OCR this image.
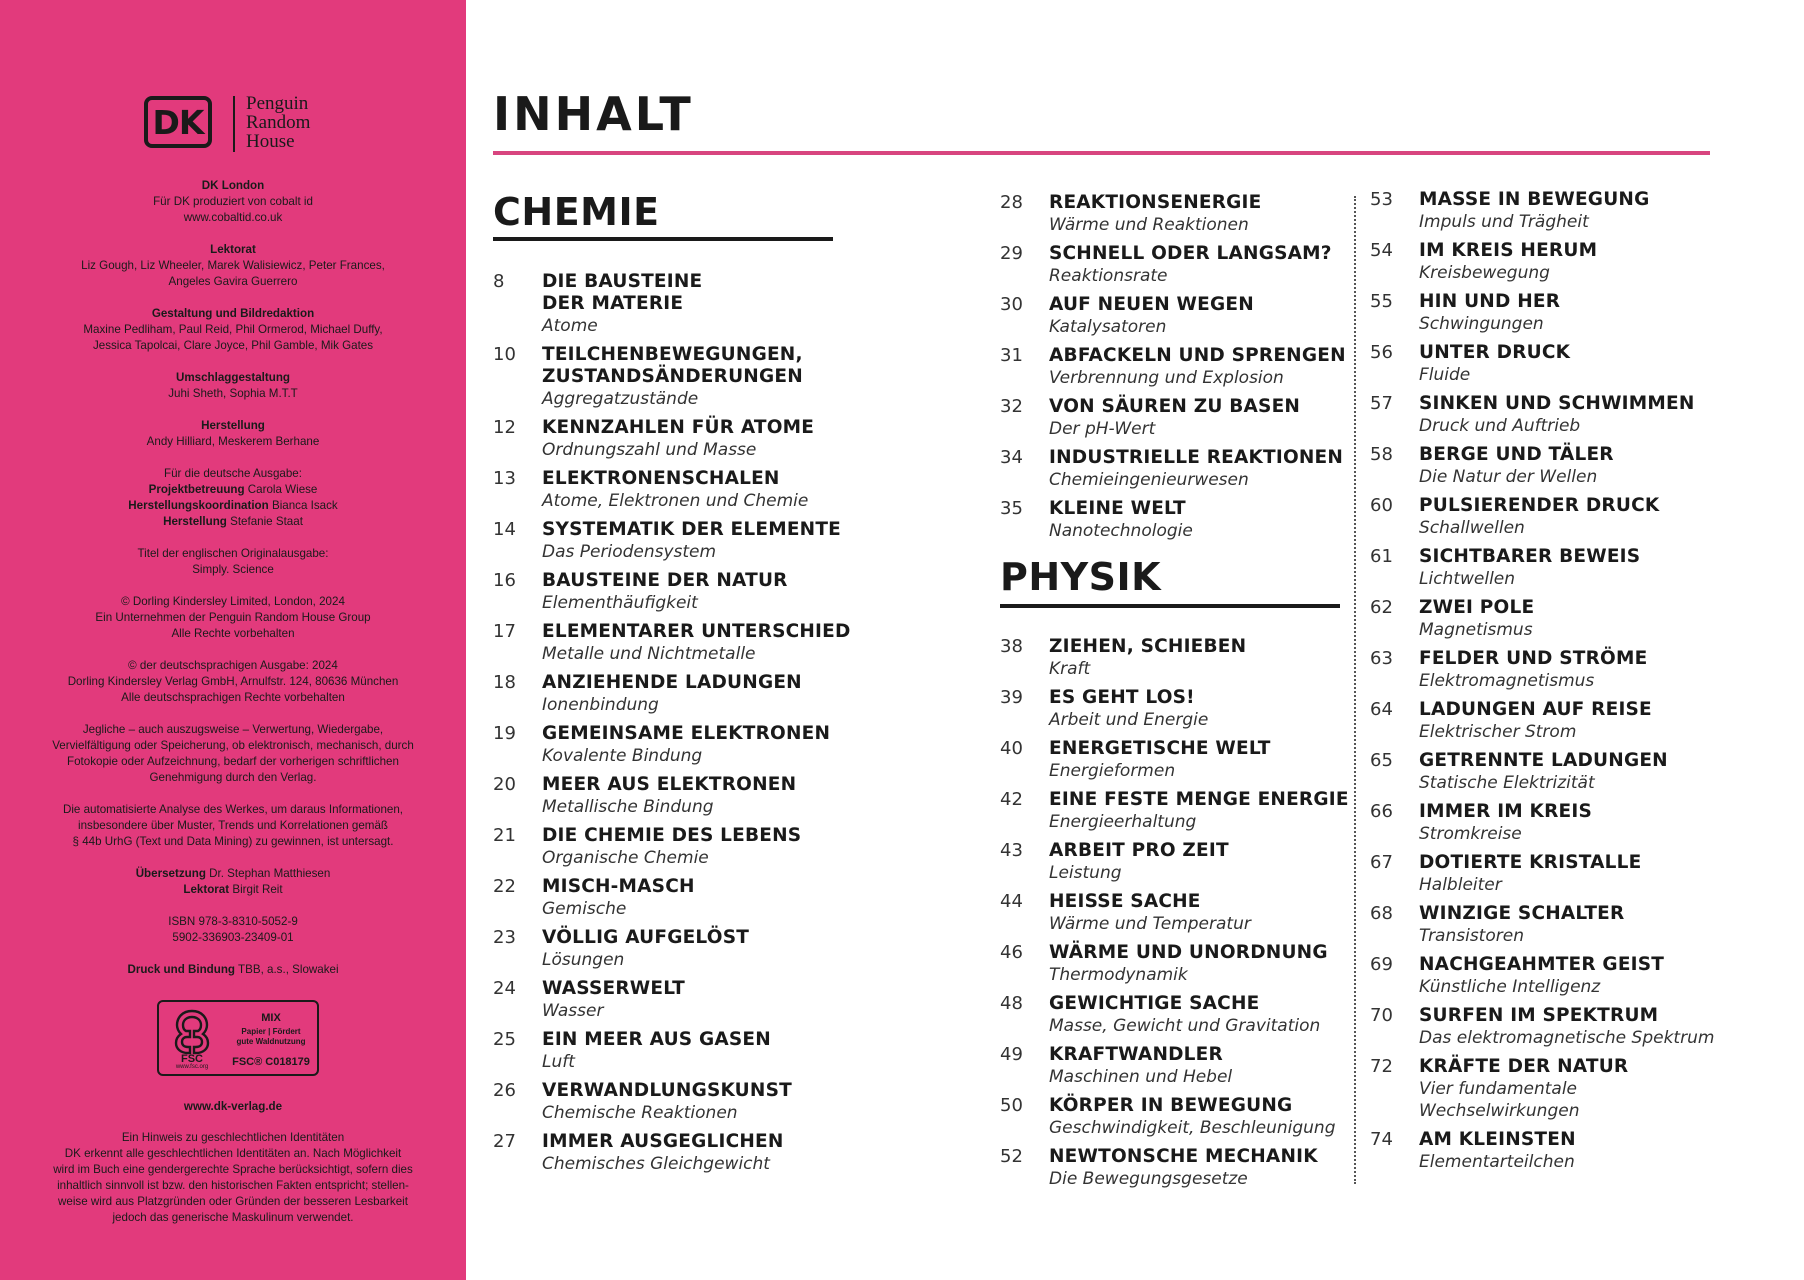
DK	Penguin
Random
House
DK London
Für DK produziert von cobalt id
www.cobaltid.co.uk
Lektorat
Liz Gough, Liz Wheeler, Marek Walisiewicz, Peter Frances,
Angeles Gavira Guerrero
Gestaltung und Bildredaktion
Maxine Pedliham, Paul Reid, Phil Ormerod, Michael Duffy,
Jessica Tapolcai, Clare Joyce, Phil Gamble, Mik Gates
Umschlaggestaltung
Juhi Sheth, Sophia M.T.T
Herstellung
Andy Hilliard, Meskerem Berhane
Für die deutsche Ausgabe:
Projektbetreuung Carola Wiese
Herstellungskoordination Bianca Isack
Herstellung Stefanie Staat
Titel der englischen Originalausgabe:
Simply. Science
© Dorling Kindersley Limited, London, 2024
Ein Unternehmen der Penguin Random House Group
Alle Rechte vorbehalten
© der deutschsprachigen Ausgabe: 2024
Dorling Kindersley Verlag GmbH, Arnulfstr. 124, 80636 München
Alle deutschsprachigen Rechte vorbehalten
Jegliche – auch auszugsweise – Verwertung, Wiedergabe,
Vervielfältigung oder Speicherung, ob elektronisch, mechanisch, durch
Fotokopie oder Aufzeichnung, bedarf der vorherigen schriftlichen
Genehmigung durch den Verlag.
Die automatisierte Analyse des Werkes, um daraus Informationen,
insbesondere über Muster, Trends und Korrelationen gemäß
§ 44b UrhG (Text und Data Mining) zu gewinnen, ist untersagt.
Übersetzung Dr. Stephan Matthiesen
Lektorat Birgit Reit
ISBN 978-3-8310-5052-9
5902-336903-23409-01
Druck und Bindung TBB, a.s., Slowakei
FSC
www.fsc.org
MIX
Papier | Fördert
gute Waldnutzung
FSC® C018179
www.dk-verlag.de
Ein Hinweis zu geschlechtlichen Identitäten
DK erkennt alle geschlechtlichen Identitäten an. Nach Möglichkeit
wird im Buch eine gendergerechte Sprache berücksichtigt, sofern dies
inhaltlich sinnvoll ist bzw. den historischen Fakten entspricht; stellen-
weise wird aus Platzgründen oder Gründen der besseren Lesbarkeit
jedoch das generische Maskulinum verwendet.
INHALT
CHEMIE
8 DIE BAUSTEINE
DER MATERIE
Atome
10 TEILCHENBEWEGUNGEN,
ZUSTANDSÄNDERUNGEN
Aggregatzustände
12 KENNZAHLEN FÜR ATOME
Ordnungszahl und Masse
13 ELEKTRONENSCHALEN
Atome, Elektronen und Chemie
14 SYSTEMATIK DER ELEMENTE
Das Periodensystem
16 BAUSTEINE DER NATUR
Elementhäufigkeit
17 ELEMENTARER UNTERSCHIED
Metalle und Nichtmetalle
18 ANZIEHENDE LADUNGEN
Ionenbindung
19 GEMEINSAME ELEKTRONEN
Kovalente Bindung
20 MEER AUS ELEKTRONEN
Metallische Bindung
21 DIE CHEMIE DES LEBENS
Organische Chemie
22 MISCH-MASCH
Gemische
23 VÖLLIG AUFGELÖST
Lösungen
24 WASSERWELT
Wasser
25 EIN MEER AUS GASEN
Luft
26 VERWANDLUNGSKUNST
Chemische Reaktionen
27 IMMER AUSGEGLICHEN
Chemisches Gleichgewicht
28 REAKTIONSENERGIE
Wärme und Reaktionen
29 SCHNELL ODER LANGSAM?
Reaktionsrate
30 AUF NEUEN WEGEN
Katalysatoren
31 ABFACKELN UND SPRENGEN
Verbrennung und Explosion
32 VON SÄUREN ZU BASEN
Der pH-Wert
34 INDUSTRIELLE REAKTIONEN
Chemieingenieurwesen
35 KLEINE WELT
Nanotechnologie
PHYSIK
38 ZIEHEN, SCHIEBEN
Kraft
39 ES GEHT LOS!
Arbeit und Energie
40 ENERGETISCHE WELT
Energieformen
42 EINE FESTE MENGE ENERGIE
Energieerhaltung
43 ARBEIT PRO ZEIT
Leistung
44 HEISSE SACHE
Wärme und Temperatur
46 WÄRME UND UNORDNUNG
Thermodynamik
48 GEWICHTIGE SACHE
Masse, Gewicht und Gravitation
49 KRAFTWANDLER
Maschinen und Hebel
50 KÖRPER IN BEWEGUNG
Geschwindigkeit, Beschleunigung
52 NEWTONSCHE MECHANIK
Die Bewegungsgesetze
53 MASSE IN BEWEGUNG
Impuls und Trägheit
54 IM KREIS HERUM
Kreisbewegung
55 HIN UND HER
Schwingungen
56 UNTER DRUCK
Fluide
57 SINKEN UND SCHWIMMEN
Druck und Auftrieb
58 BERGE UND TÄLER
Die Natur der Wellen
60 PULSIERENDER DRUCK
Schallwellen
61 SICHTBARER BEWEIS
Lichtwellen
62 ZWEI POLE
Magnetismus
63 FELDER UND STRÖME
Elektromagnetismus
64 LADUNGEN AUF REISE
Elektrischer Strom
65 GETRENNTE LADUNGEN
Statische Elektrizität
66 IMMER IM KREIS
Stromkreise
67 DOTIERTE KRISTALLE
Halbleiter
68 WINZIGE SCHALTER
Transistoren
69 NACHGEAHMTER GEIST
Künstliche Intelligenz
70 SURFEN IM SPEKTRUM
Das elektromagnetische Spektrum
72 KRÄFTE DER NATUR
Vier fundamentale
Wechselwirkungen
74 AM KLEINSTEN
Elementarteilchen
